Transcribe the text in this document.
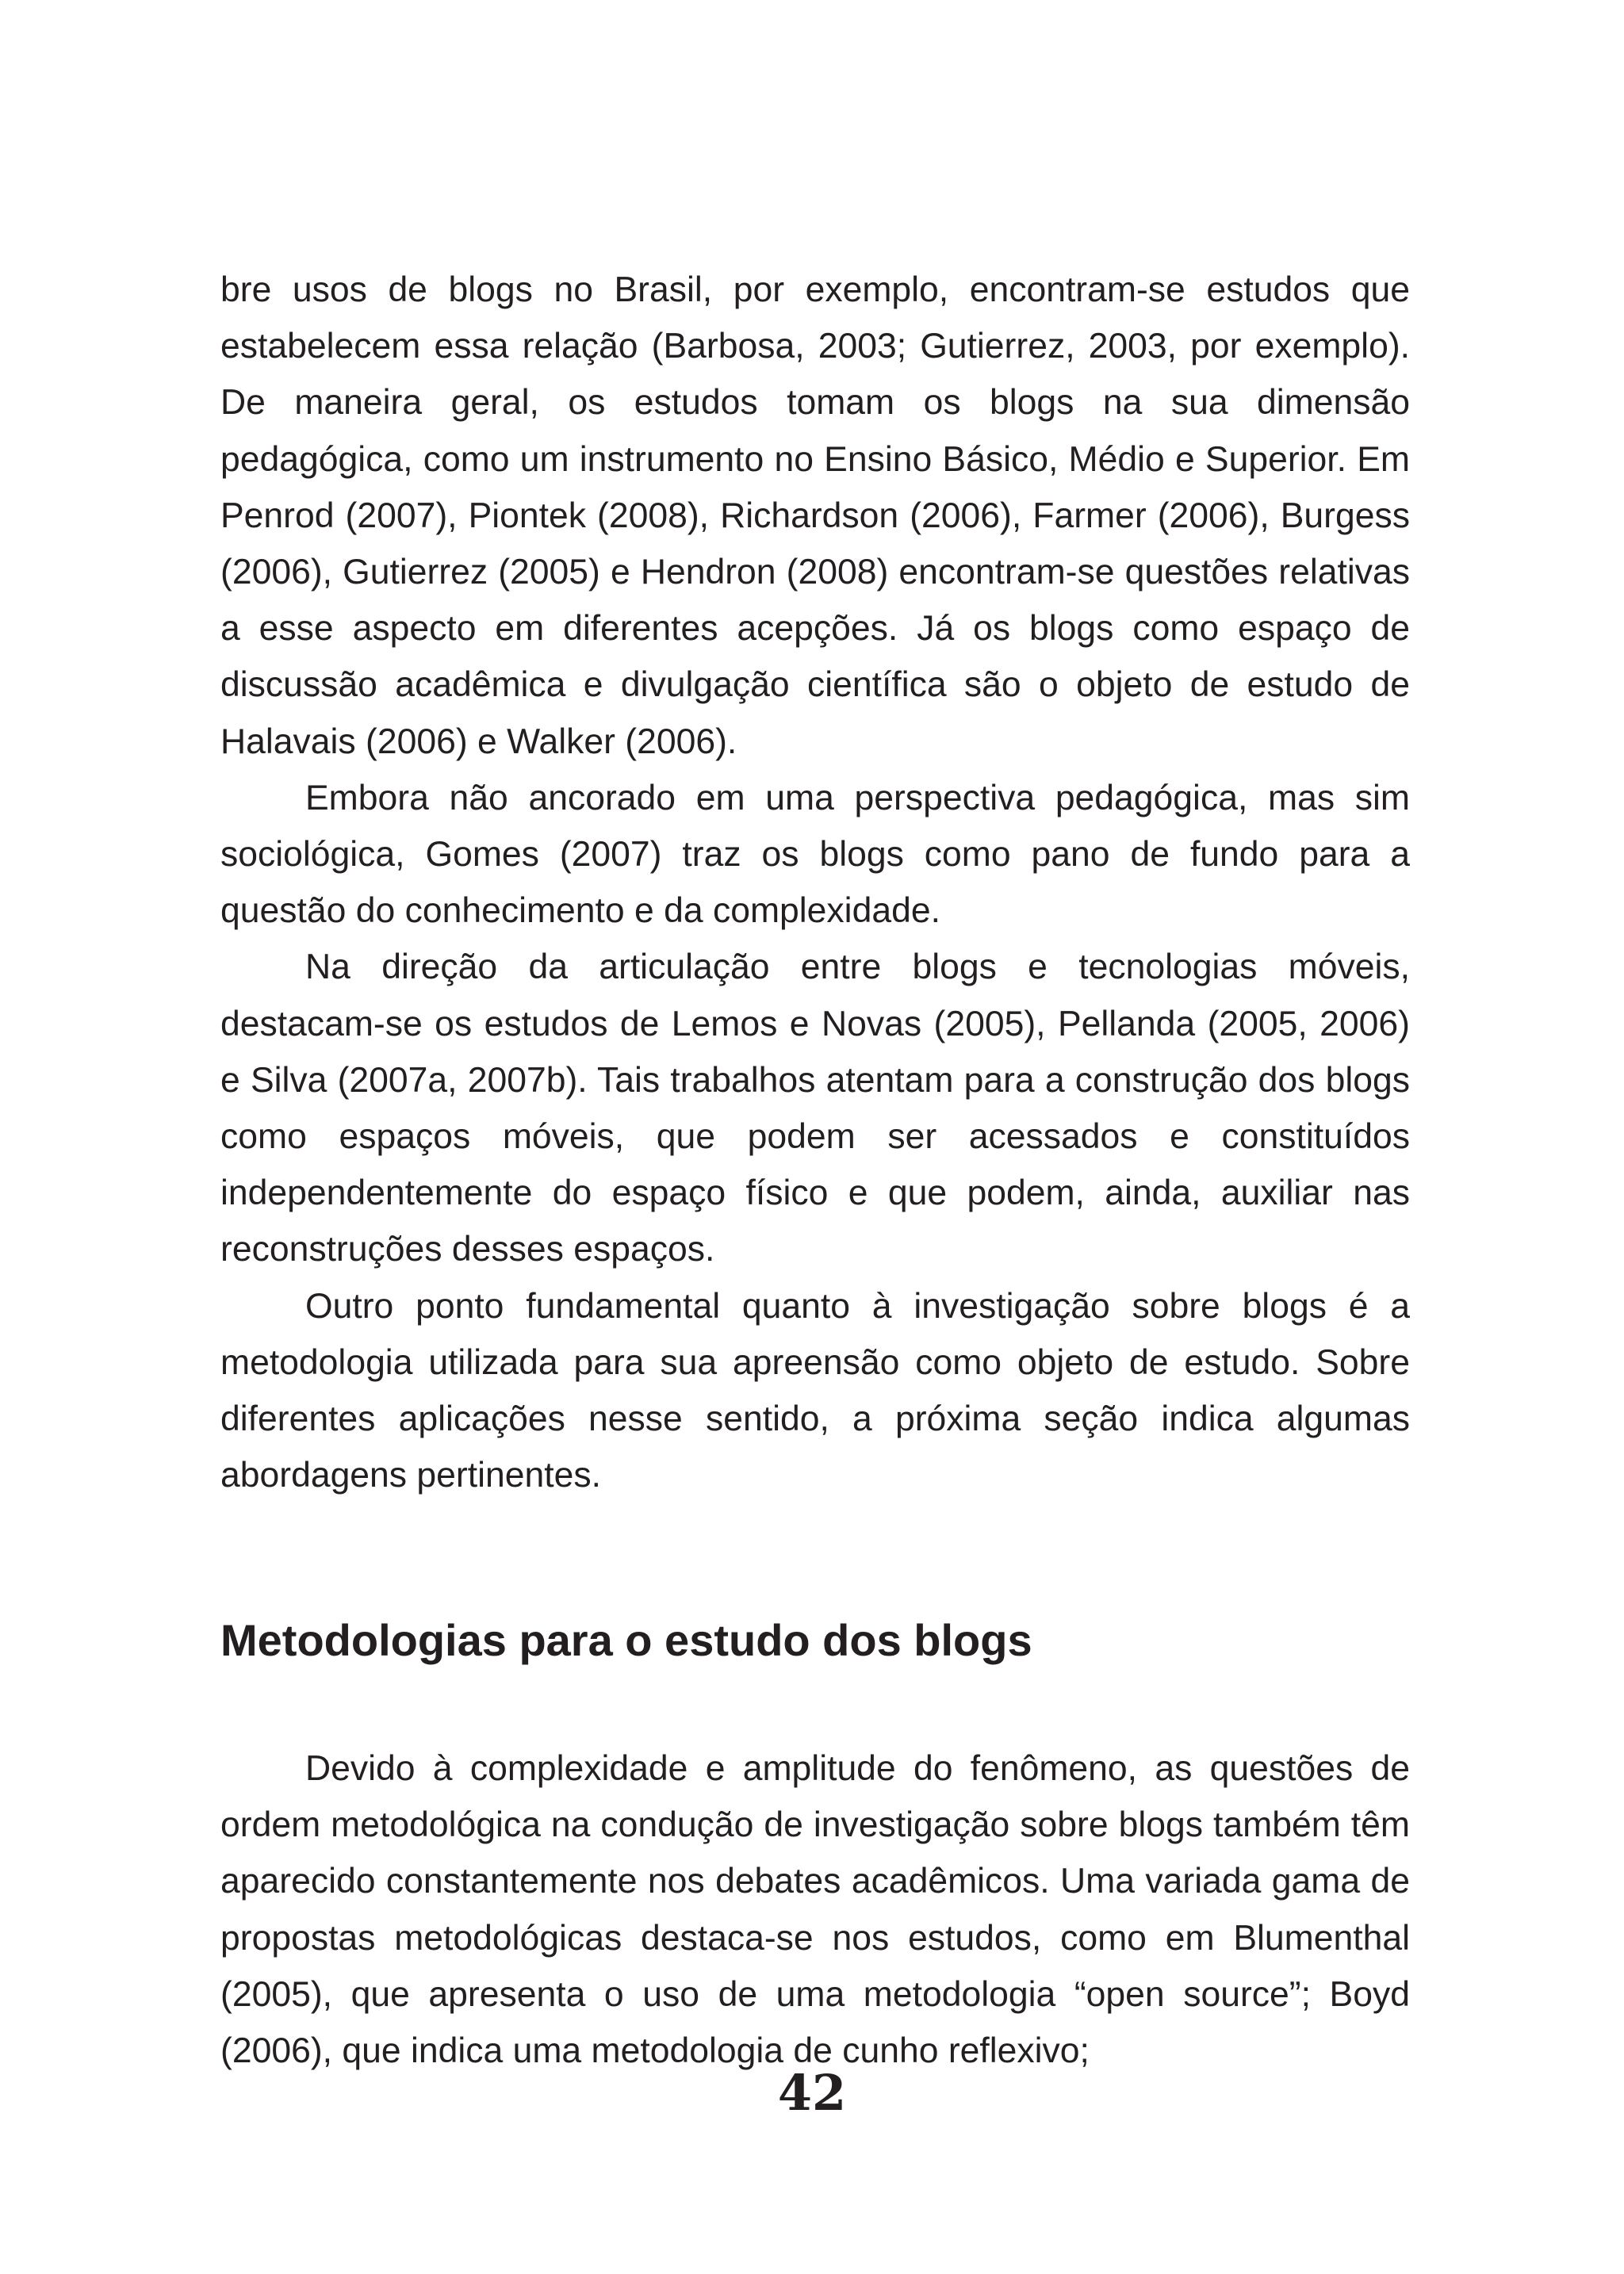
bre usos de blogs no Brasil, por exemplo, encontram-se estudos que estabelecem essa relação (Barbosa, 2003; Gutierrez, 2003, por exemplo). De maneira geral, os estudos tomam os blogs na sua dimensão pedagógica, como um instrumento no Ensino Básico, Médio e Superior. Em Penrod (2007), Piontek (2008), Richardson (2006), Farmer (2006), Burgess (2006), Gutierrez (2005) e Hendron (2008) encontram-se questões relativas a esse aspecto em diferentes acepções. Já os blogs como espaço de discussão acadêmica e divulgação científica são o objeto de estudo de Halavais (2006) e Walker (2006).

Embora não ancorado em uma perspectiva pedagógica, mas sim sociológica, Gomes (2007) traz os blogs como pano de fundo para a questão do conhecimento e da complexidade.

Na direção da articulação entre blogs e tecnologias móveis, destacam-se os estudos de Lemos e Novas (2005), Pellanda (2005, 2006) e Silva (2007a, 2007b). Tais trabalhos atentam para a construção dos blogs como espaços móveis, que podem ser acessados e constituídos independentemente do espaço físico e que podem, ainda, auxiliar nas reconstruções desses espaços.

Outro ponto fundamental quanto à investigação sobre blogs é a metodologia utilizada para sua apreensão como objeto de estudo. Sobre diferentes aplicações nesse sentido, a próxima seção indica algumas abordagens pertinentes.

Metodologias para o estudo dos blogs

Devido à complexidade e amplitude do fenômeno, as questões de ordem metodológica na condução de investigação sobre blogs também têm aparecido constantemente nos debates acadêmicos. Uma variada gama de propostas metodológicas destaca-se nos estudos, como em Blumenthal (2005), que apresenta o uso de uma metodologia “open source”; Boyd (2006), que indica uma metodologia de cunho reflexivo;

42
